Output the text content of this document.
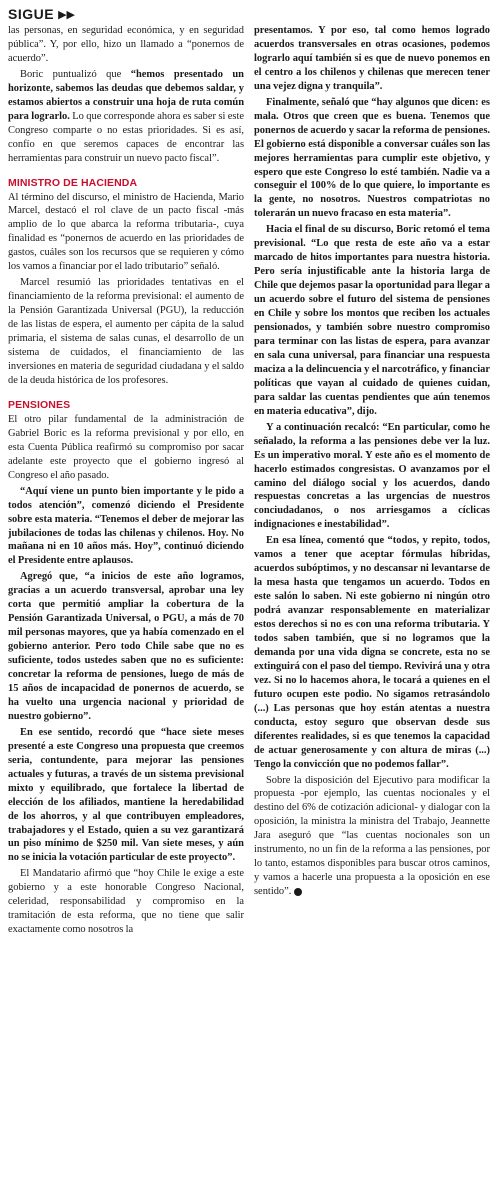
SIGUE ▶▶

las personas, en seguridad económica, y en seguridad pública”. Y, por ello, hizo un llamado a “ponernos de acuerdo”.

Boric puntualizó que “hemos presentado un horizonte, sabemos las deudas que debemos saldar, y estamos abiertos a construir una hoja de ruta común para lograrlo. Lo que corresponde ahora es saber si este Congreso comparte o no estas prioridades. Si es así, confío en que seremos capaces de encontrar las herramientas para construir un nuevo pacto fiscal”.

MINISTRO DE HACIENDA

Al término del discurso, el ministro de Hacienda, Mario Marcel, destacó el rol clave de un pacto fiscal -más amplio de lo que abarca la reforma tributaria-, cuya finalidad es “ponernos de acuerdo en las prioridades de gastos, cuáles son los recursos que se requieren y cómo los vamos a financiar por el lado tributario” señaló.

Marcel resumió las prioridades tentativas en el financiamiento de la reforma previsional: el aumento de la Pensión Garantizada Universal (PGU), la reducción de las listas de espera, el aumento per cápita de la salud primaria, el sistema de salas cunas, el desarrollo de un sistema de cuidados, el financiamiento de las inversiones en materia de seguridad ciudadana y el saldo de la deuda histórica de los profesores.

PENSIONES

El otro pilar fundamental de la administración de Gabriel Boric es la reforma previsional y por ello, en esta Cuenta Pública reafirmó su compromiso por sacar adelante este proyecto que el gobierno ingresó al Congreso el año pasado.

“Aquí viene un punto bien importante y le pido a todos atención”, comenzó diciendo el Presidente sobre esta materia. “Tenemos el deber de mejorar las jubilaciones de todas las chilenas y chilenos. Hoy. No mañana ni en 10 años más. Hoy”, continuó diciendo el Presidente entre aplausos.

Agregó que, “a inicios de este año logramos, gracias a un acuerdo transversal, aprobar una ley corta que permitió ampliar la cobertura de la Pensión Garantizada Universal, o PGU, a más de 70 mil personas mayores, que ya había comenzado en el gobierno anterior. Pero todo Chile sabe que no es suficiente, todos ustedes saben que no es suficiente: concretar la reforma de pensiones, luego de más de 15 años de incapacidad de ponernos de acuerdo, se ha vuelto una urgencia nacional y prioridad de nuestro gobierno”.

En ese sentido, recordó que “hace siete meses presenté a este Congreso una propuesta que creemos seria, contundente, para mejorar las pensiones actuales y futuras, a través de un sistema previsional mixto y equilibrado, que fortalece la libertad de elección de los afiliados, mantiene la heredabilidad de los ahorros, y al que contribuyen empleadores, trabajadores y el Estado, quien a su vez garantizará un piso mínimo de $250 mil. Van siete meses, y aún no se inicia la votación particular de este proyecto”.

El Mandatario afirmó que “hoy Chile le exige a este gobierno y a este honorable Congreso Nacional, celeridad, responsabilidad y compromiso en la tramitación de esta reforma, que no tiene que salir exactamente como nosotros la

presentamos. Y por eso, tal como hemos logrado acuerdos transversales en otras ocasiones, podemos lograrlo aquí también si es que de nuevo ponemos en el centro a los chilenos y chilenas que merecen tener una vejez digna y tranquila”.

Finalmente, señaló que “hay algunos que dicen: es mala. Otros que creen que es buena. Tenemos que ponernos de acuerdo y sacar la reforma de pensiones. El gobierno está disponible a conversar cuáles son las mejores herramientas para cumplir este objetivo, y espero que este Congreso lo esté también. Nadie va a conseguir el 100% de lo que quiere, lo importante es la gente, no nosotros. Nuestros compatriotas no tolerarán un nuevo fracaso en esta materia”.

Hacia el final de su discurso, Boric retomó el tema previsional. “Lo que resta de este año va a estar marcado de hitos importantes para nuestra historia. Pero sería injustificable ante la historia larga de Chile que dejemos pasar la oportunidad para llegar a un acuerdo sobre el futuro del sistema de pensiones en Chile y sobre los montos que reciben los actuales pensionados, y también sobre nuestro compromiso para terminar con las listas de espera, para avanzar en sala cuna universal, para financiar una respuesta maciza a la delincuencia y el narcotráfico, y financiar políticas que vayan al cuidado de quienes cuidan, para saldar las cuentas pendientes que aún tenemos en materia educativa”, dijo.

Y a continuación recalcó: “En particular, como he señalado, la reforma a las pensiones debe ver la luz. Es un imperativo moral. Y este año es el momento de hacerlo estimados congresistas. O avanzamos por el camino del diálogo social y los acuerdos, dando respuestas concretas a las urgencias de nuestros conciudadanos, o nos arriesgamos a cíclicas indignaciones e inestabilidad”.

En esa línea, comentó que “todos, y repito, todos, vamos a tener que aceptar fórmulas híbridas, acuerdos subóptimos, y no descansar ni levantarse de la mesa hasta que tengamos un acuerdo. Todos en este salón lo saben. Ni este gobierno ni ningún otro podrá avanzar responsablemente en materializar estos derechos si no es con una reforma tributaria. Y todos saben también, que si no logramos que la demanda por una vida digna se concrete, esta no se extinguirá con el paso del tiempo. Revivirá una y otra vez. Si no lo hacemos ahora, le tocará a quienes en el futuro ocupen este podio. No sigamos retrasándolo (...) Las personas que hoy están atentas a nuestra conducta, estoy seguro que observan desde sus diferentes realidades, si es que tenemos la capacidad de actuar generosamente y con altura de miras (...) Tengo la convicción que no podemos fallar”.

Sobre la disposición del Ejecutivo para modificar la propuesta -por ejemplo, las cuentas nocionales y el destino del 6% de cotización adicional- y dialogar con la oposición, la ministra la ministra del Trabajo, Jeannette Jara aseguró que “las cuentas nocionales son un instrumento, no un fin de la reforma a las pensiones, por lo tanto, estamos disponibles para buscar otros caminos, y vamos a hacerle una propuesta a la oposición en ese sentido”.
